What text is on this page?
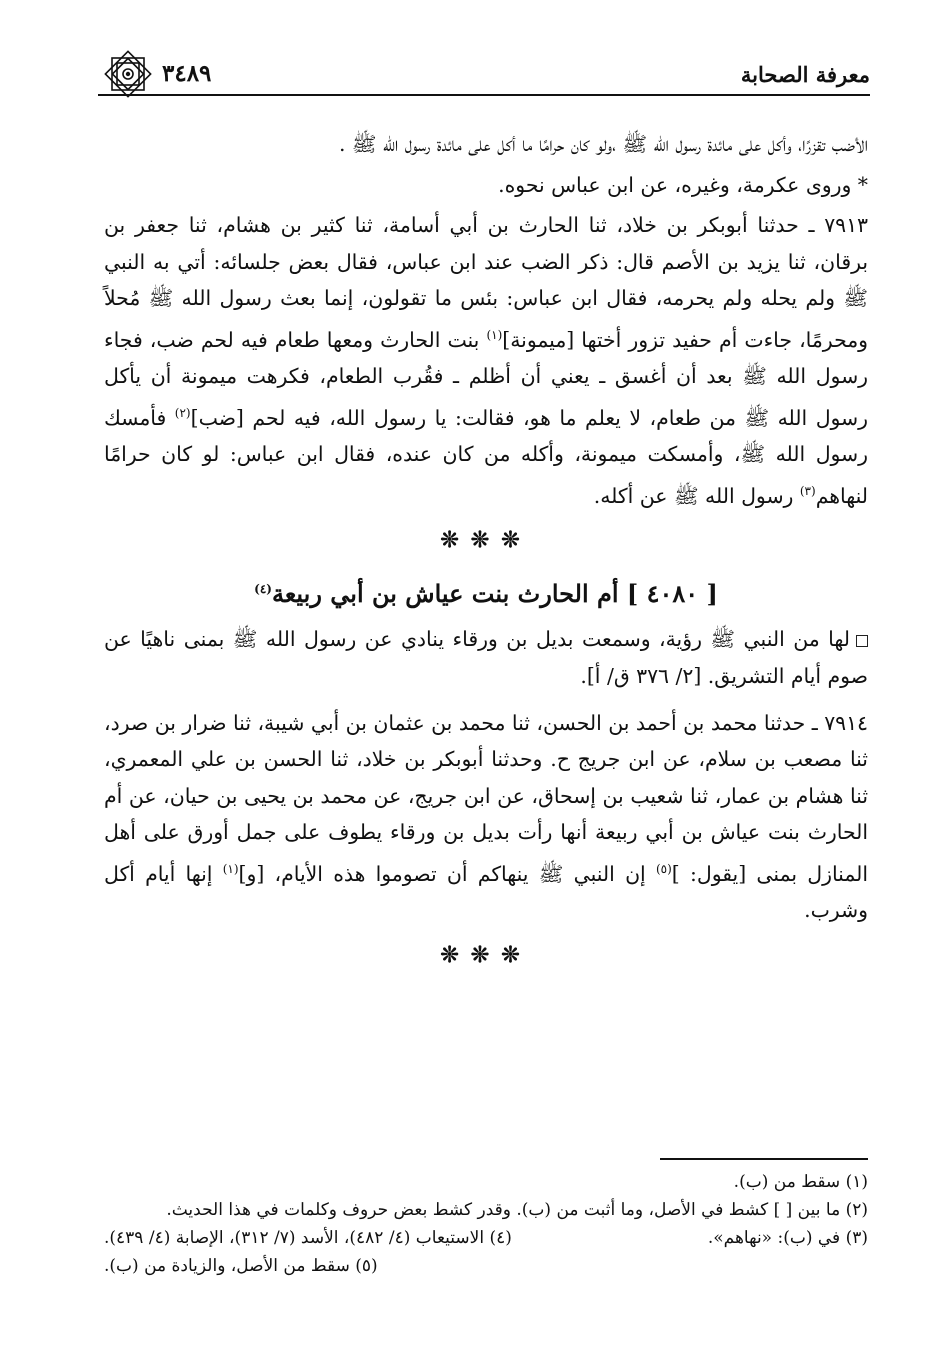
معرفة الصحابة
٣٤٨٩

الأضب تقزرًا، وأكل على مائدة رسول الله ﷺ ،ولو كان حرامًا ما أكل على مائدة رسول الله ﷺ .

* وروى عكرمة، وغيره، عن ابن عباس نحوه.

٧٩١٣ ـ حدثنا أبوبكر بن خلاد، ثنا الحارث بن أبي أسامة، ثنا كثير بن هشام، ثنا جعفر بن برقان، ثنا يزيد بن الأصم قال: ذكر الضب عند ابن عباس، فقال بعض جلسائه: أتي به النبي ﷺ ولم يحله ولم يحرمه، فقال ابن عباس: بئس ما تقولون، إنما بعث رسول الله ﷺ مُحلاً ومحرمًا، جاءت أم حفيد تزور أختها [ميمونة]$^{(١)}$ بنت الحارث ومعها طعام فيه لحم ضب، فجاء رسول الله ﷺ بعد أن أغسق ـ يعني أن أظلم ـ فقُرب الطعام، فكرهت ميمونة أن يأكل رسول الله ﷺ من طعام، لا يعلم ما هو، فقالت: يا رسول الله، فيه لحم [ضب]$^{(٢)}$ فأمسك رسول الله ﷺ، وأمسكت ميمونة، وأكله من كان عنده، فقال ابن عباس: لو كان حرامًا لنهاهم$^{(٣)}$ رسول الله ﷺ عن أكله.

❊❊❊

[ ٤٠٨٠ ] أم الحارث بنت عياش بن أبي ربيعة$^{(٤)}$

لها من النبي ﷺ رؤية، وسمعت بديل بن ورقاء ينادي عن رسول الله ﷺ بمنى ناهيًا عن صوم أيام التشريق. [٢/ ٣٧٦ ق/ أ].

٧٩١٤ ـ حدثنا محمد بن أحمد بن الحسن، ثنا محمد بن عثمان بن أبي شيبة، ثنا ضرار بن صرد، ثنا مصعب بن سلام، عن ابن جريج ح. وحدثنا أبوبكر بن خلاد، ثنا الحسن بن علي المعمري، ثنا هشام بن عمار، ثنا شعيب بن إسحاق، عن ابن جريج، عن محمد بن يحيى بن حيان، عن أم الحارث بنت عياش بن أبي ربيعة أنها رأت بديل بن ورقاء يطوف على جمل أورق على أهل المنازل بمنى [يقول: ]$^{(٥)}$ إن النبي ﷺ ينهاكم أن تصوموا هذه الأيام، [و]$^{(١)}$ إنها أيام أكل وشرب.

❊❊❊

(١) سقط من (ب).

(٢) ما بين [ ] كشط في الأصل، وما أثبت من (ب). وقدر كشط بعض حروف وكلمات في هذا الحديث.

(٣) في (ب): «نهاهم».

(٤) الاستيعاب (٤/ ٤٨٢)، الأسد (٧/ ٣١٢)، الإصابة (٤/ ٤٣٩).

(٥) سقط من الأصل، والزيادة من (ب).
